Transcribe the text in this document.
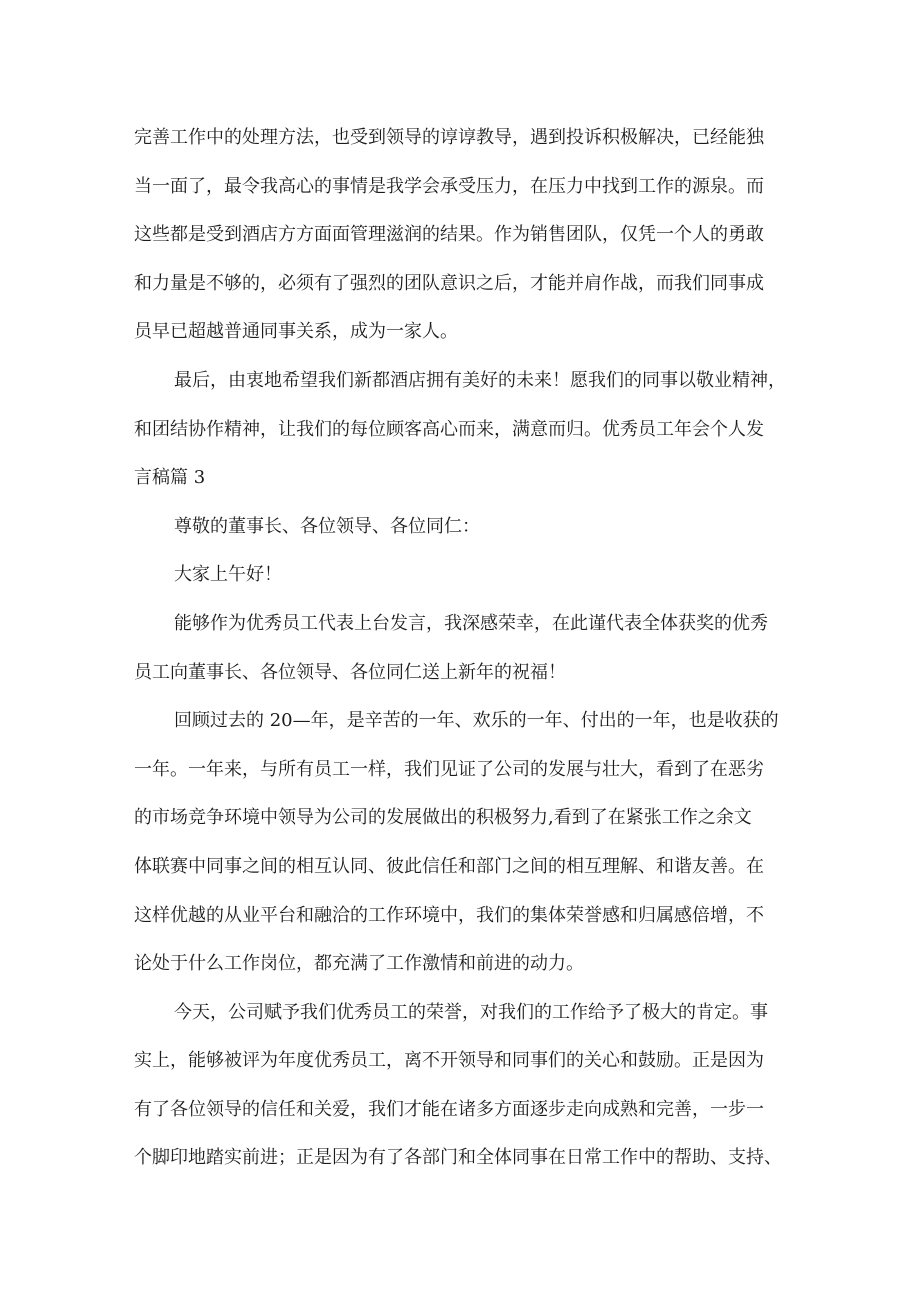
完善工作中的处理方法，也受到领导的谆谆教导，遇到投诉积极解决，已经能独
当一面了，最令我高心的事情是我学会承受压力，在压力中找到工作的源泉。而
这些都是受到酒店方方面面管理滋润的结果。作为销售团队，仅凭一个人的勇敢
和力量是不够的，必须有了强烈的团队意识之后，才能并肩作战，而我们同事成
员早已超越普通同事关系，成为一家人。
最后，由衷地希望我们新都酒店拥有美好的未来！愿我们的同事以敬业精神，
和团结协作精神，让我们的每位顾客高心而来，满意而归。优秀员工年会个人发
言稿篇 3
尊敬的董事长、各位领导、各位同仁：
大家上午好！
能够作为优秀员工代表上台发言，我深感荣幸，在此谨代表全体获奖的优秀
员工向董事长、各位领导、各位同仁送上新年的祝福！
回顾过去的 20—年，是辛苦的一年、欢乐的一年、付出的一年，也是收获的
一年。一年来，与所有员工一样，我们见证了公司的发展与壮大，看到了在恶劣
的市场竞争环境中领导为公司的发展做出的积极努力,看到了在紧张工作之余文
体联赛中同事之间的相互认同、彼此信任和部门之间的相互理解、和谐友善。在
这样优越的从业平台和融洽的工作环境中，我们的集体荣誉感和归属感倍增，不
论处于什么工作岗位，都充满了工作激情和前进的动力。
今天，公司赋予我们优秀员工的荣誉，对我们的工作给予了极大的肯定。事
实上，能够被评为年度优秀员工，离不开领导和同事们的关心和鼓励。正是因为
有了各位领导的信任和关爱，我们才能在诸多方面逐步走向成熟和完善，一步一
个脚印地踏实前进；正是因为有了各部门和全体同事在日常工作中的帮助、支持、
